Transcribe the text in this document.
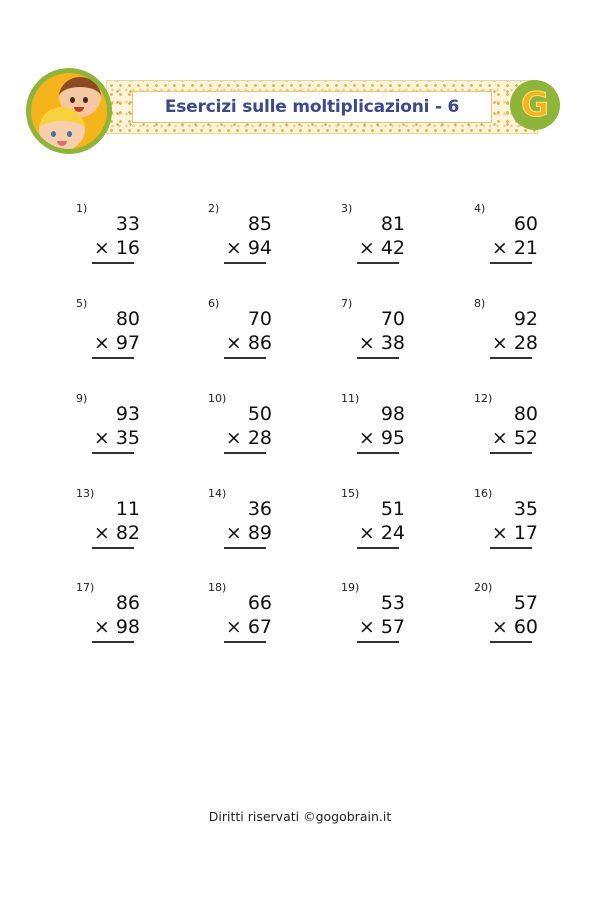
Esercizi sulle moltiplicazioni - 6 G
1)
33
× 16
2)
85
× 94
3)
81
× 42
4)
60
× 21
5)
80
× 97
6)
70
× 86
7)
70
× 38
8)
92
× 28
9)
93
× 35
10)
50
× 28
11)
98
× 95
12)
80
× 52
13)
11
× 82
14)
36
× 89
15)
51
× 24
16)
35
× 17
17)
86
× 98
18)
66
× 67
19)
53
× 57
20)
57
× 60
Diritti riservati ©gogobrain.it
